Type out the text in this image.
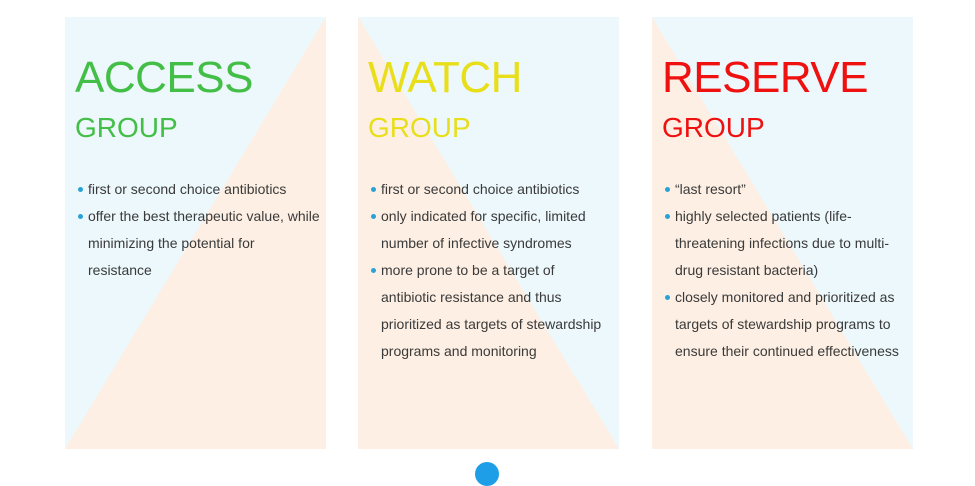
ACCESS
GROUP
first or second choice antibiotics
offer the best therapeutic value, while minimizing the potential for resistance
WATCH
GROUP
first or second choice antibiotics
only indicated for specific, limited number of infective syndromes
more prone to be a target of antibiotic resistance and thus prioritized as targets of stewardship programs and monitoring
RESERVE
GROUP
“last resort”
highly selected patients (life-threatening infections due to multi-drug resistant bacteria)
closely monitored and prioritized as targets of stewardship programs to ensure their continued effectiveness
